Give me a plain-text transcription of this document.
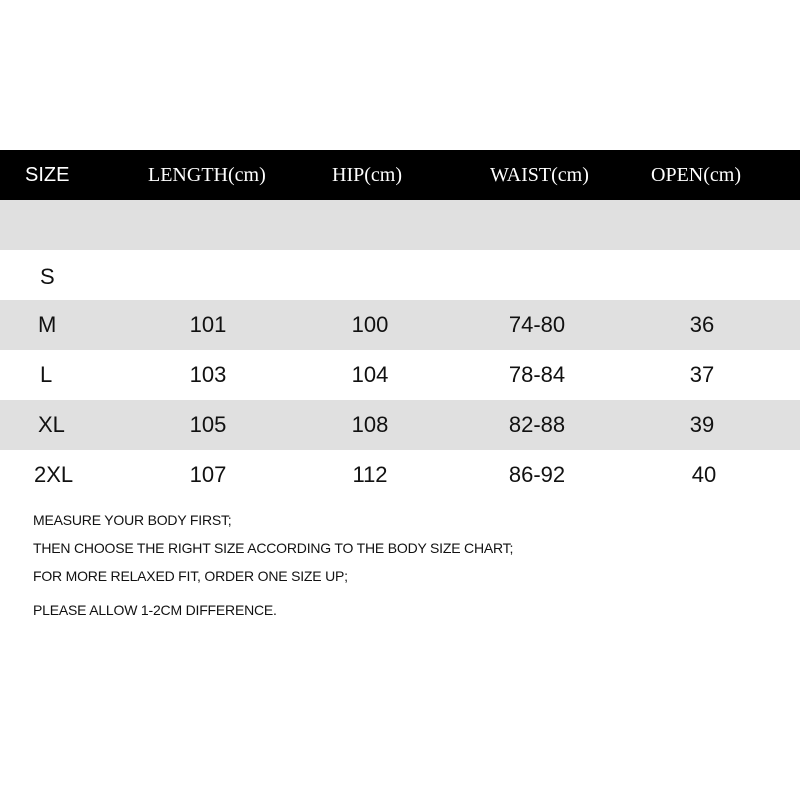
SIZE	LENGTH(cm)	HIP(cm)	WAIST(cm)	OPEN(cm)
S
M	101	100	74-80	36
L	103	104	78-84	37
XL	105	108	82-88	39
2XL	107	112	86-92	40
MEASURE YOUR BODY FIRST;
THEN CHOOSE THE RIGHT SIZE ACCORDING TO THE BODY SIZE CHART;
FOR MORE RELAXED FIT, ORDER ONE SIZE UP;
PLEASE ALLOW 1-2CM DIFFERENCE.
